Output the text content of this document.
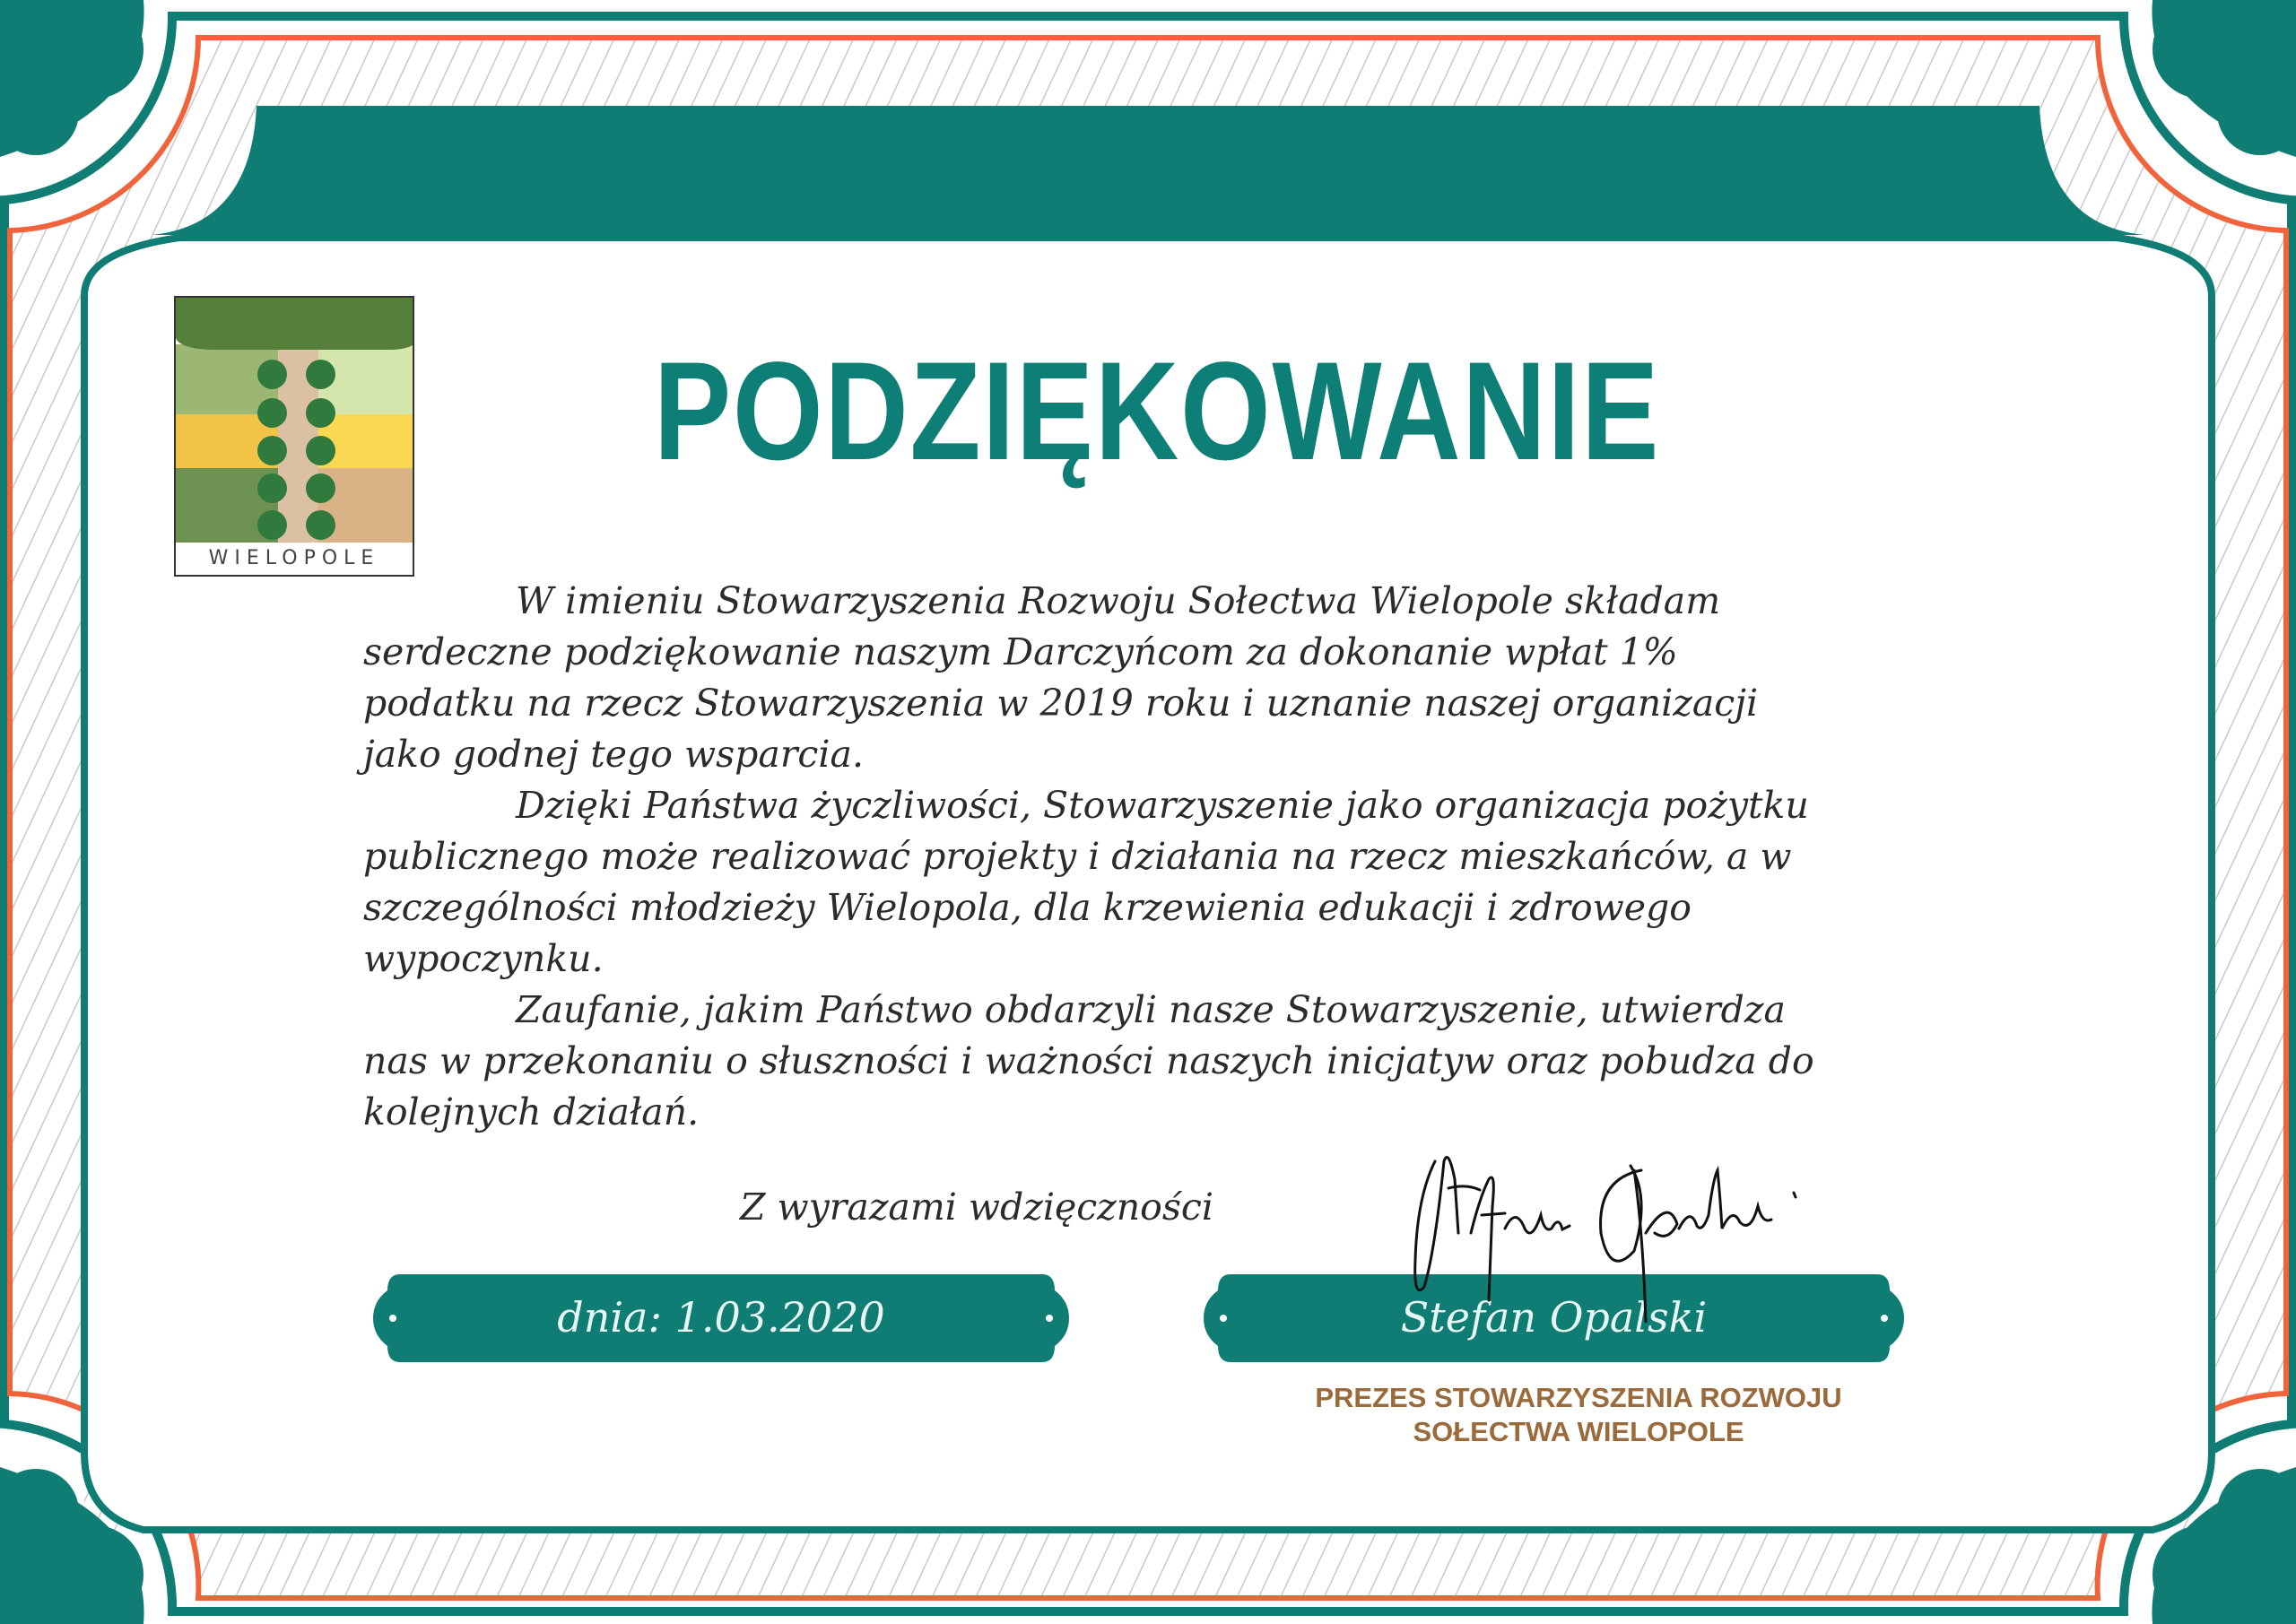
WIELOPOLE
PODZIĘKOWANIE
W imieniu Stowarzyszenia Rozwoju Sołectwa Wielopole składam
serdeczne podziękowanie naszym Darczyńcom za dokonanie wpłat 1%
podatku na rzecz Stowarzyszenia w 2019 roku i uznanie naszej organizacji
jako godnej tego wsparcia.
Dzięki Państwa życzliwości, Stowarzyszenie jako organizacja pożytku
publicznego może realizować projekty i działania na rzecz mieszkańców, a w
szczególności młodzieży Wielopola, dla krzewienia edukacji i zdrowego
wypoczynku.
Zaufanie, jakim Państwo obdarzyli nasze Stowarzyszenie, utwierdza
nas w przekonaniu o słuszności i ważności naszych inicjatyw oraz pobudza do
kolejnych działań.
Z wyrazami wdzięczności
dnia: 1.03.2020	Stefan Opalski
PREZES STOWARZYSZENIA ROZWOJU
SOŁECTWA WIELOPOLE
